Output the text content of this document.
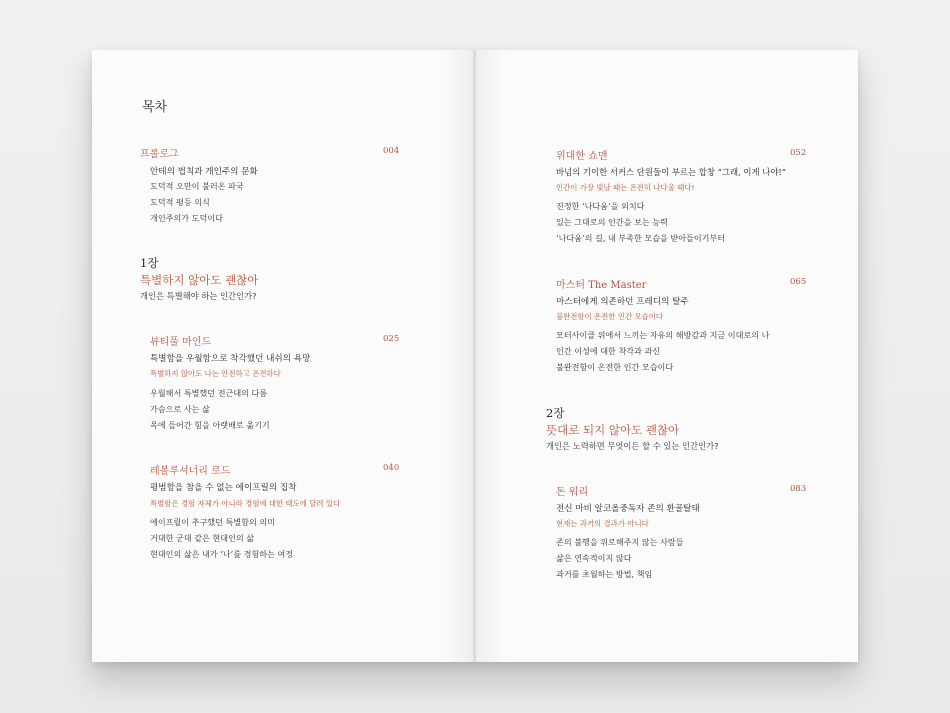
목차
프롤로그	004
안테의 법칙과 개인주의 문화
도덕적 오만이 불러온 파국
도덕적 평등 의식
개인주의가 도덕이다
1장
특별하지 않아도 괜찮아
개인은 특별해야 하는 인간인가?
뷰티풀 마인드	025
특별함을 우월함으로 착각했던 내쉬의 욕망
특별하지 않아도 나는 안전하고 온전하다
우월해서 특별했던 전근대의 다름
가슴으로 사는 삶
목에 들어간 힘을 아랫배로 옮기기
레볼루셔너리 로드	040
평범함을 참을 수 없는 에이프릴의 집착
특별함은 경험 자체가 아니라 경험에 대한 태도에 달려 있다
에이프릴이 추구했던 특별함의 의미
거대한 군대 같은 현대인의 삶
현대인의 삶은 내가 ‘나’를 경험하는 여정
위대한 쇼맨	052
바넘의 기이한 서커스 단원들이 부르는 합창 “그래, 이게 나야!”
인간이 가장 빛날 때는 온전히 나다울 때다!
진정한 ‘나다움’을 외치다
있는 그대로의 인간을 보는 능력
‘나다움’의 길, 내 부족한 모습을 받아들이기부터
마스터 The Master	065
마스터에게 의존하던 프레디의 탈주
불완전함이 온전한 인간 모습이다
모터사이클 위에서 느끼는 자유의 해방감과 지금 이대로의 나
인간 이성에 대한 착각과 과신
불완전함이 온전한 인간 모습이다
2장
뜻대로 되지 않아도 괜찮아
개인은 노력하면 무엇이든 할 수 있는 인간인가?
돈 워리	083
전신 마비 알코올중독자 존의 환골탈태
현재는 과거의 결과가 아니다
존의 불행을 위로해주지 않는 사람들
삶은 연속적이지 않다
과거를 초월하는 방법, 책임
